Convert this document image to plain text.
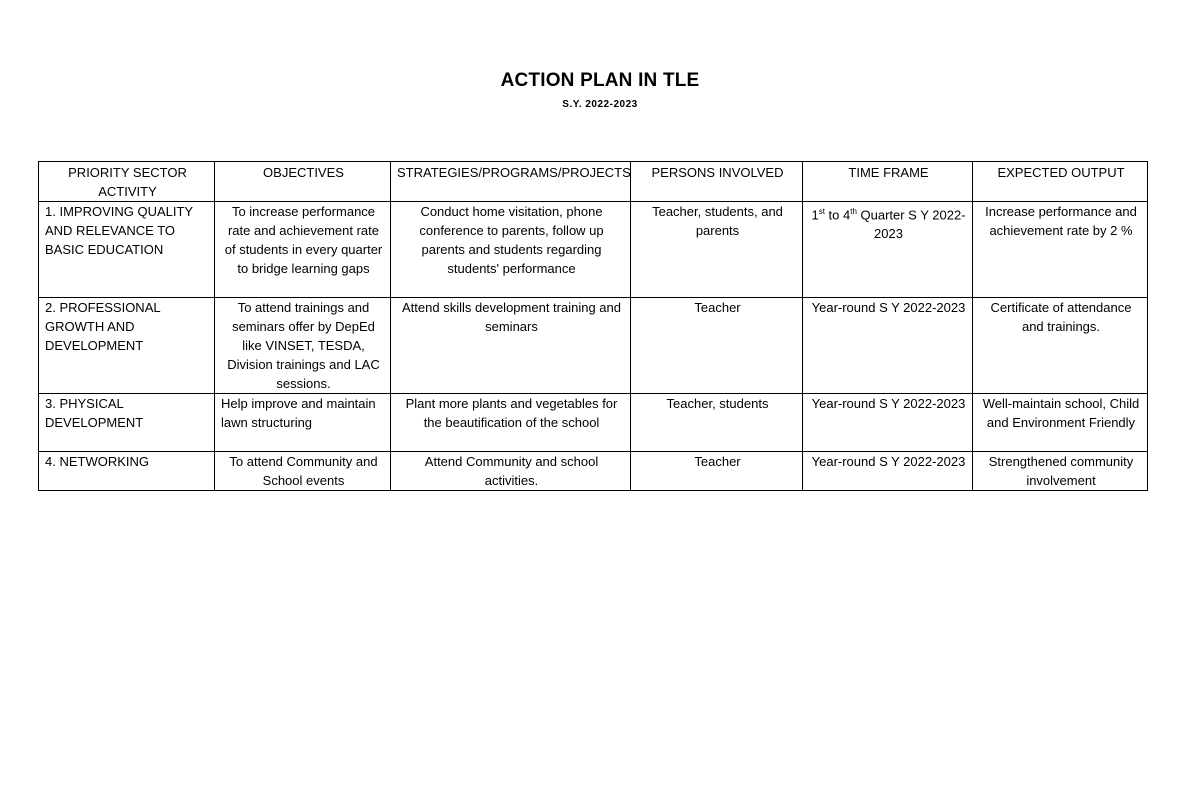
ACTION PLAN IN TLE
S.Y. 2022-2023
PRIORITY SECTOR ACTIVITY	OBJECTIVES	STRATEGIES/PROGRAMS/PROJECTS	PERSONS INVOLVED	TIME FRAME	EXPECTED OUTPUT
1. IMPROVING QUALITY AND RELEVANCE TO BASIC EDUCATION	To increase performance rate and achievement rate of students in every quarter to bridge learning gaps	Conduct home visitation, phone conference to parents, follow up parents and students regarding students' performance	Teacher, students, and parents	1st to 4th Quarter S Y 2022-2023	Increase performance and achievement rate by 2 %
2. PROFESSIONAL GROWTH AND DEVELOPMENT	To attend trainings and seminars offer by DepEd like VINSET, TESDA, Division trainings and LAC sessions.	Attend skills development training and seminars	Teacher	Year-round S Y 2022-2023	Certificate of attendance and trainings.
3. PHYSICAL DEVELOPMENT	Help improve and maintain lawn structuring	Plant more plants and vegetables for the beautification of the school	Teacher, students	Year-round S Y 2022-2023	Well-maintain school, Child and Environment Friendly
4. NETWORKING	To attend Community and School events	Attend Community and school activities.	Teacher	Year-round S Y 2022-2023	Strengthened community involvement
